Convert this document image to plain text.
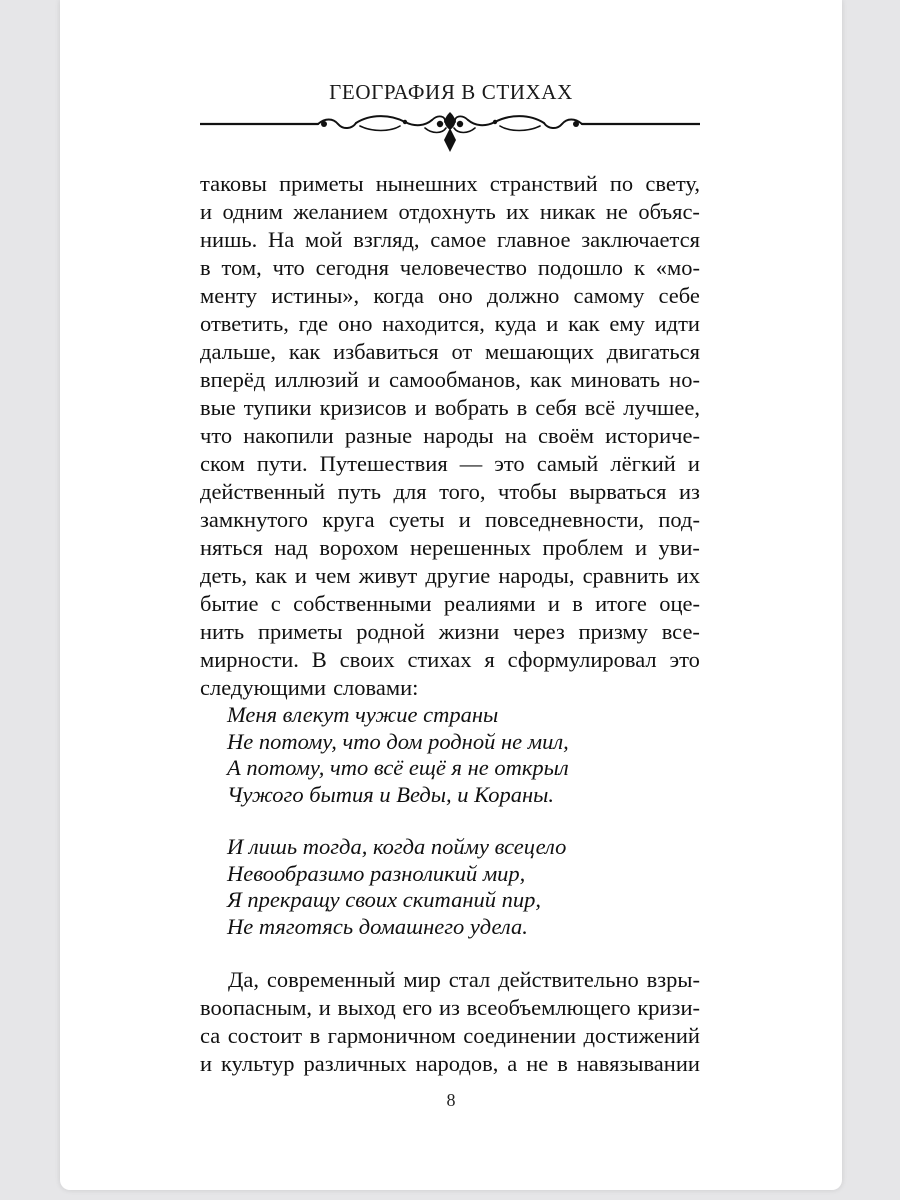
ГЕОГРАФИЯ В СТИХАХ
таковы приметы нынешних странствий по свету,
и одним желанием отдохнуть их никак не объяс-
нишь. На мой взгляд, самое главное заключается
в том, что сегодня человечество подошло к «мо-
менту истины», когда оно должно самому себе
ответить, где оно находится, куда и как ему идти
дальше, как избавиться от мешающих двигаться
вперёд иллюзий и самообманов, как миновать но-
вые тупики кризисов и вобрать в себя всё лучшее,
что накопили разные народы на своём историче-
ском пути. Путешествия — это самый лёгкий и
действенный путь для того, чтобы вырваться из
замкнутого круга суеты и повседневности, под-
няться над ворохом нерешенных проблем и уви-
деть, как и чем живут другие народы, сравнить их
бытие с собственными реалиями и в итоге оце-
нить приметы родной жизни через призму все-
мирности. В своих стихах я сформулировал это
следующими словами:
Меня влекут чужие страны
Не потому, что дом родной не мил,
А потому, что всё ещё я не открыл
Чужого бытия и Веды, и Кораны.
И лишь тогда, когда пойму всецело
Невообразимо разноликий мир,
Я прекращу своих скитаний пир,
Не тяготясь домашнего удела.
Да, современный мир стал действительно взры-
воопасным, и выход его из всеобъемлющего кризи-
са состоит в гармоничном соединении достижений
и культур различных народов, а не в навязывании
8
